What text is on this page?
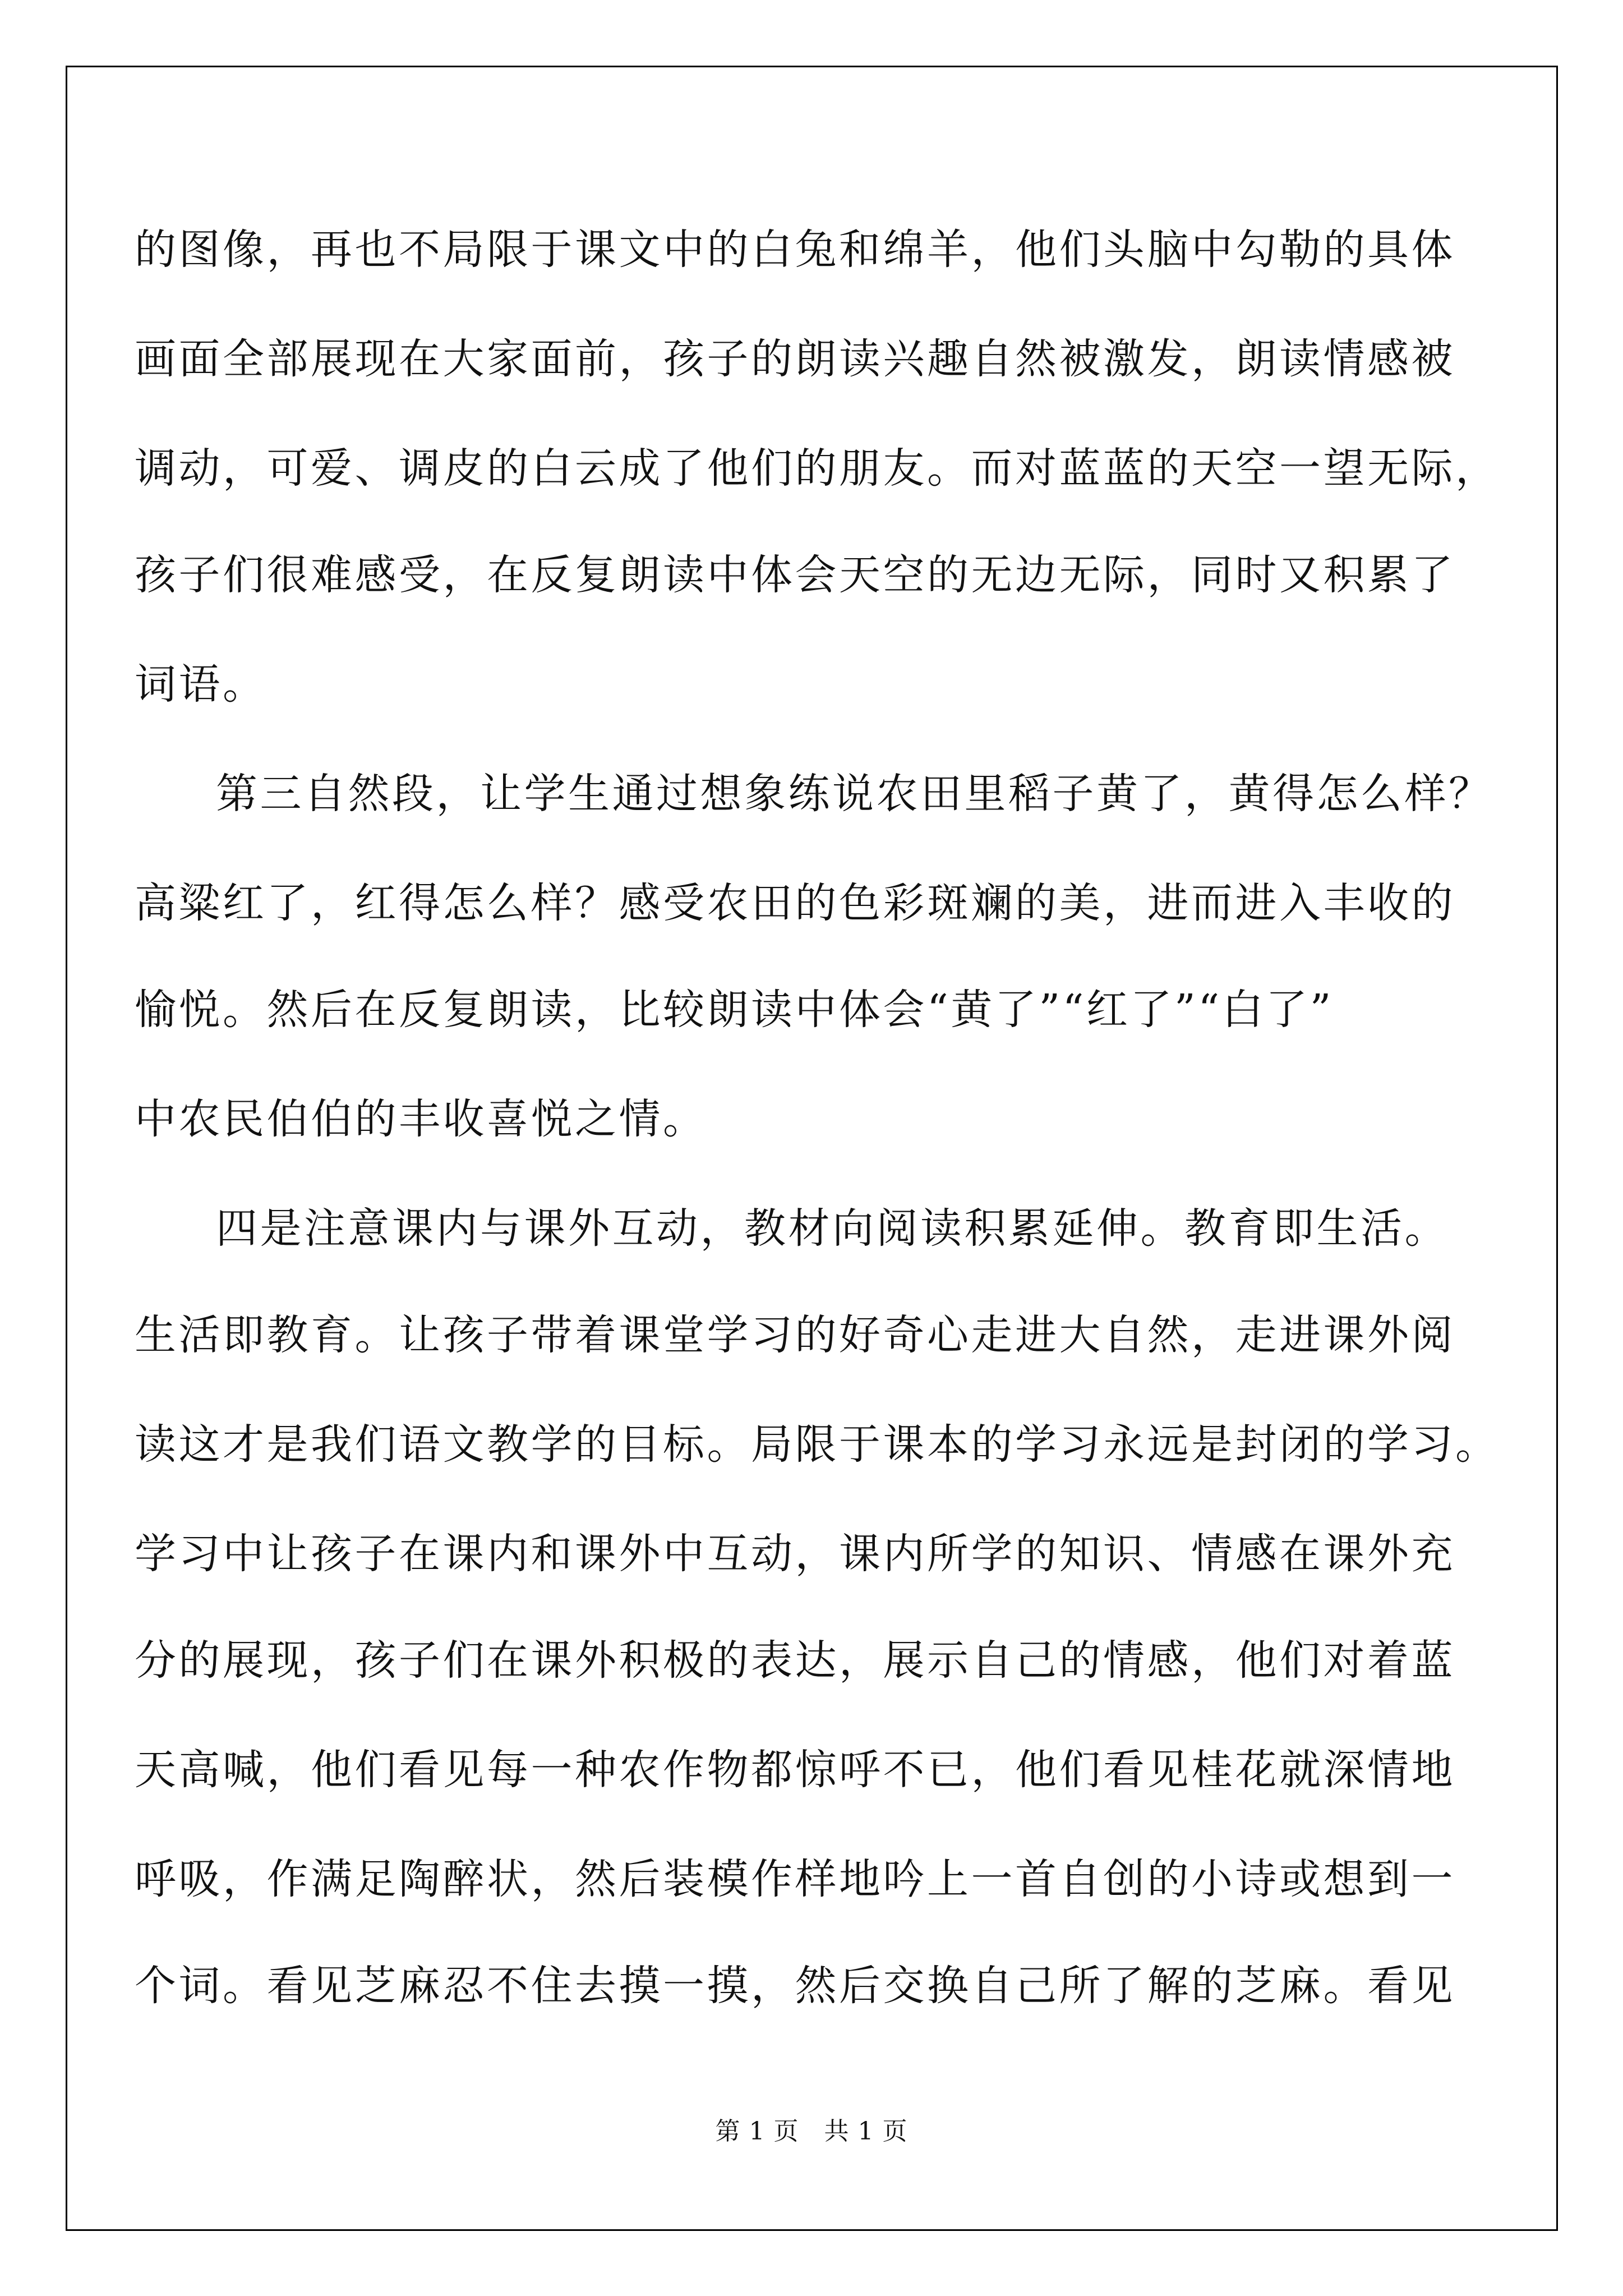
的图像，再也不局限于课文中的白兔和绵羊，他们头脑中勾勒的具体
画面全部展现在大家面前，孩子的朗读兴趣自然被激发，朗读情感被
调动，可爱、调皮的白云成了他们的朋友。而对蓝蓝的天空一望无际，
孩子们很难感受，在反复朗读中体会天空的无边无际，同时又积累了
词语。
第三自然段，让学生通过想象练说农田里稻子黄了，黄得怎么样？
高粱红了，红得怎么样？感受农田的色彩斑斓的美，进而进入丰收的
愉悦。然后在反复朗读，比较朗读中体会“黄了”“红了”“白了”
中农民伯伯的丰收喜悦之情。
四是注意课内与课外互动，教材向阅读积累延伸。教育即生活。
生活即教育。让孩子带着课堂学习的好奇心走进大自然，走进课外阅
读这才是我们语文教学的目标。局限于课本的学习永远是封闭的学习。
学习中让孩子在课内和课外中互动，课内所学的知识、情感在课外充
分的展现，孩子们在课外积极的表达，展示自己的情感，他们对着蓝
天高喊，他们看见每一种农作物都惊呼不已，他们看见桂花就深情地
呼吸，作满足陶醉状，然后装模作样地吟上一首自创的小诗或想到一
个词。看见芝麻忍不住去摸一摸，然后交换自己所了解的芝麻。看见
第 1 页　共 1 页
